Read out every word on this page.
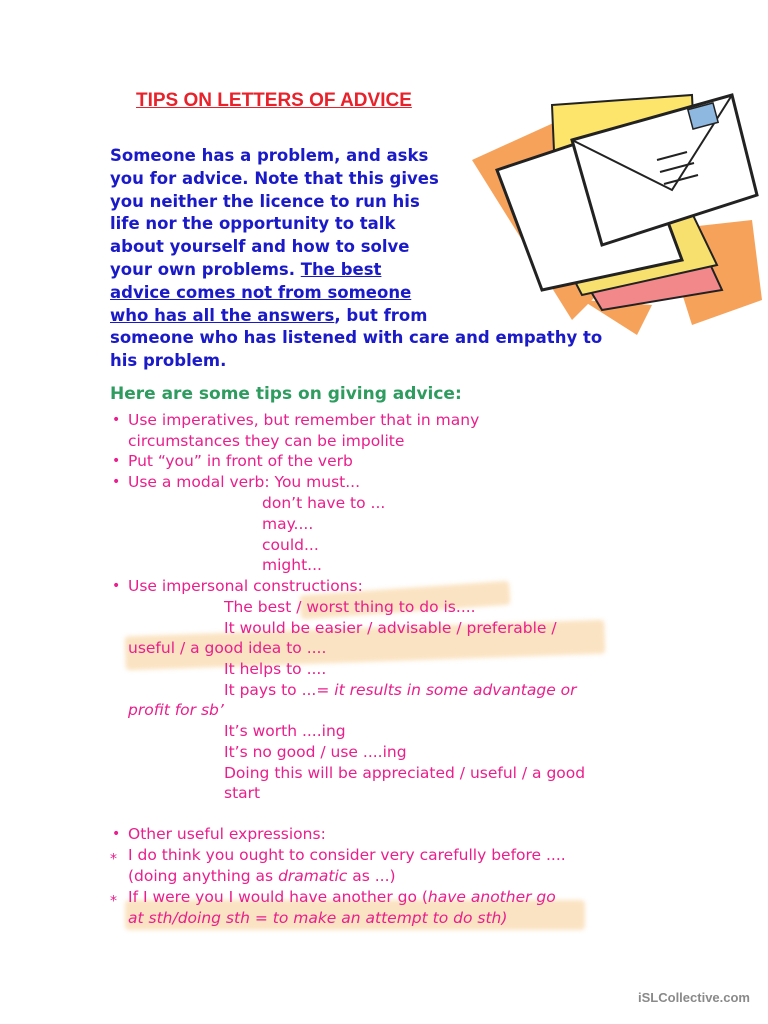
TIPS ON LETTERS OF ADVICE
Someone has a problem, and asks
you for advice. Note that this gives
you neither the licence to run his
life nor the opportunity to talk
about yourself and how to solve
your own problems. The best
advice comes not from someone
who has all the answers, but from
someone who has listened with care and empathy to
his problem.
Here are some tips on giving advice:
• Use imperatives, but remember that in many
circumstances they can be impolite
• Put “you” in front of the verb
• Use a modal verb: You must...
don’t have to ...
may....
could...
might...
• Use impersonal constructions:
The best / worst thing to do is....
It would be easier / advisable / preferable /
useful / a good idea to ....
It helps to ....
It pays to ...= it results in some advantage or
profit for sb’
It’s worth ....ing
It’s no good / use ....ing
Doing this will be appreciated / useful / a good
start
• Other useful expressions:
⁎ I do think you ought to consider very carefully before ....
(doing anything as dramatic as ...)
⁎ If I were you I would have another go (have another go
at sth/doing sth = to make an attempt to do sth)
iSLCollective.com
